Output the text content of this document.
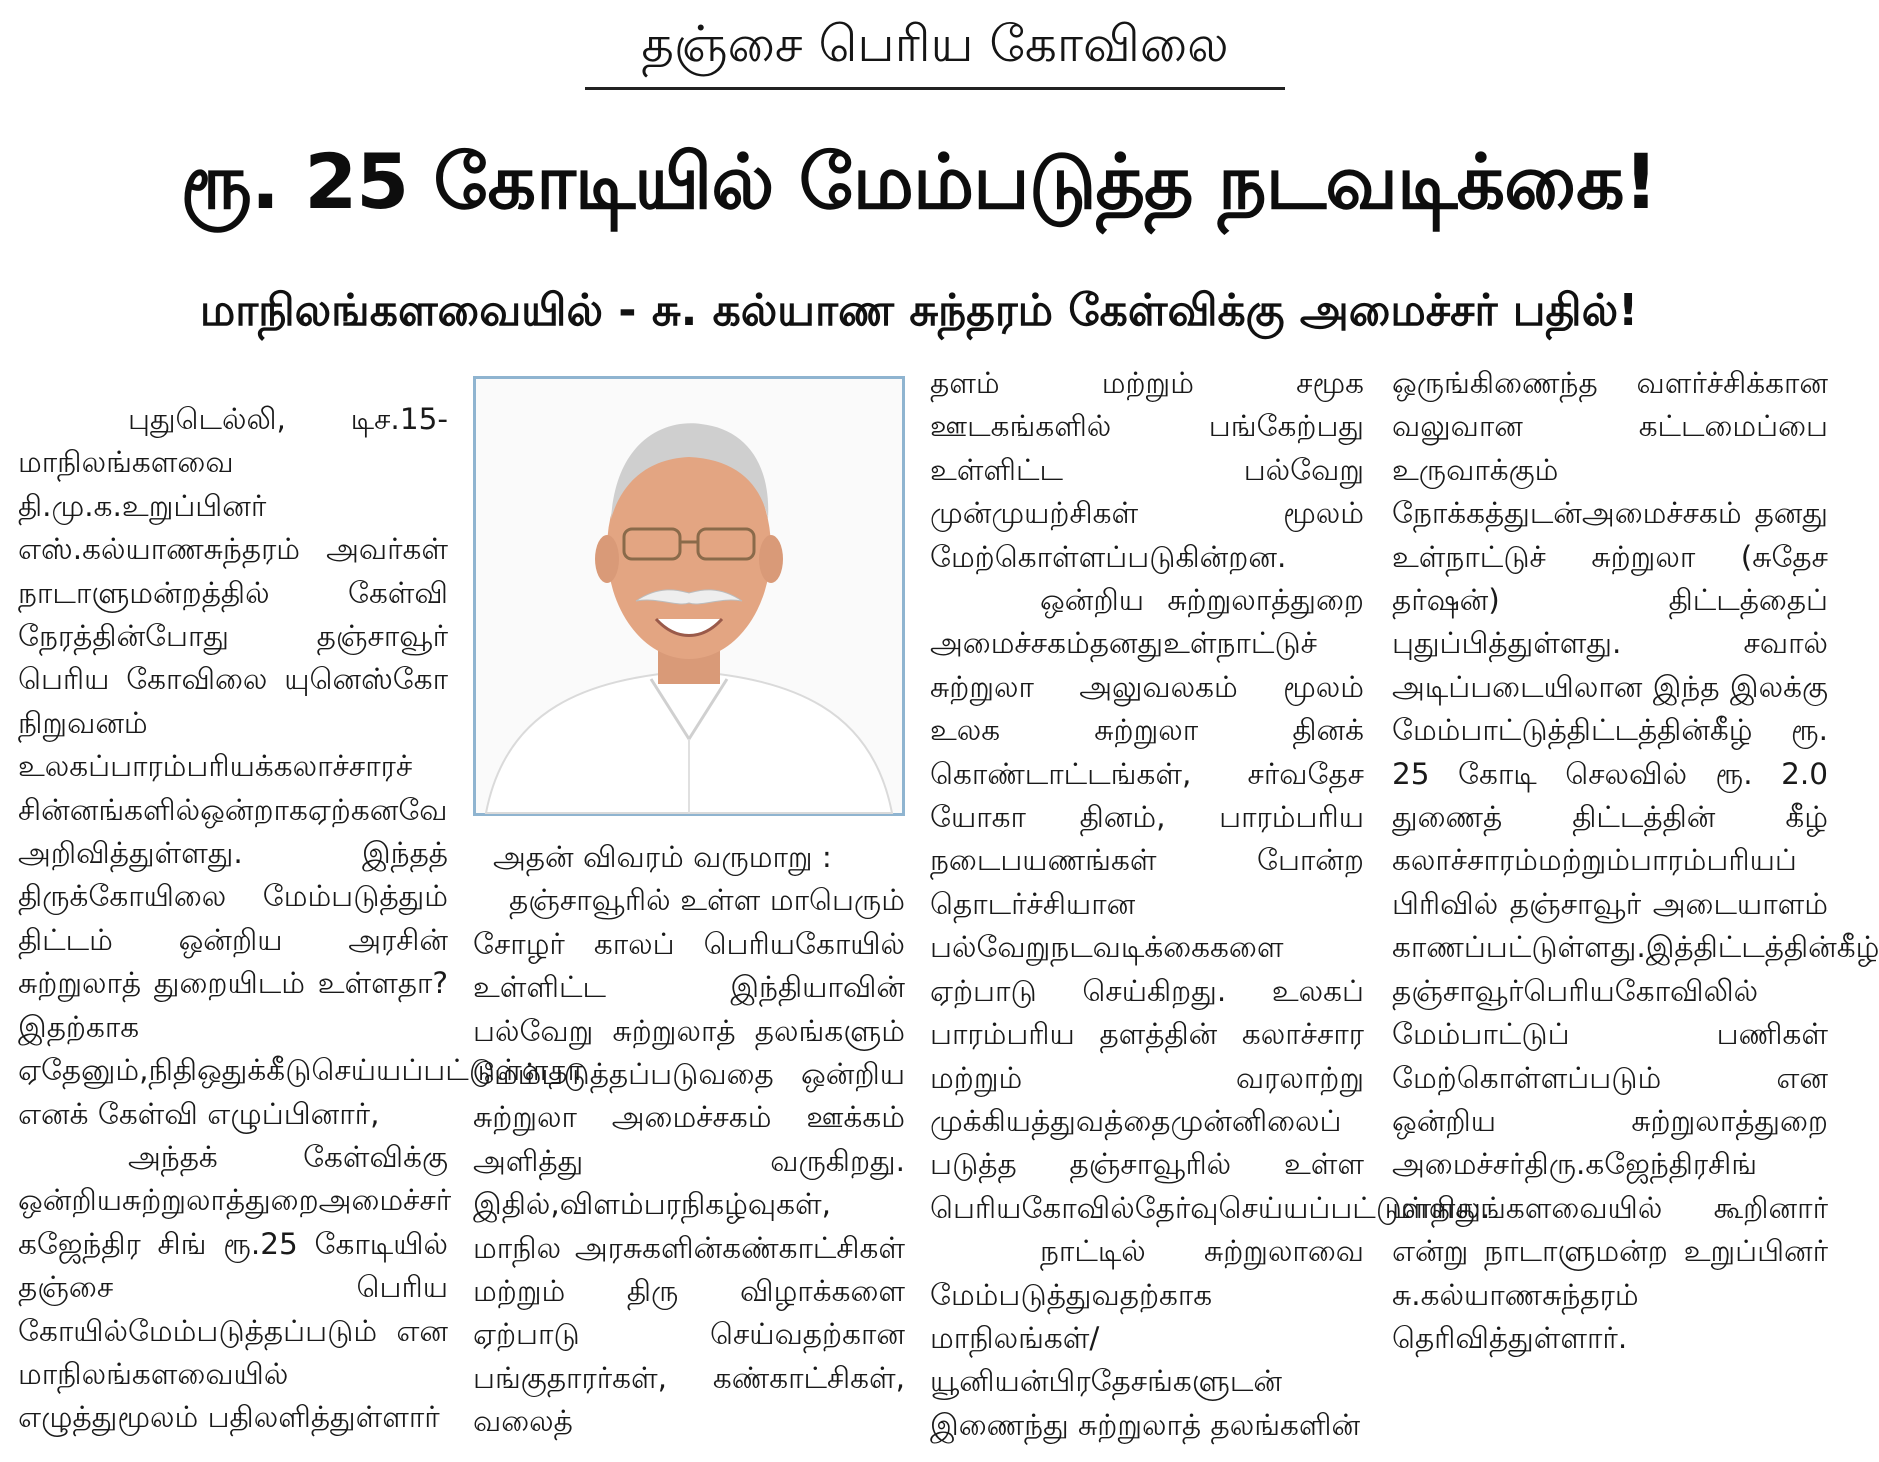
தஞ்சை பெரிய கோவிலை
ரூ. 25 கோடியில் மேம்படுத்த நடவடிக்கை!
மாநிலங்களவையில் - சு. கல்யாண சுந்தரம் கேள்விக்கு அமைச்சர் பதில்!

புதுடெல்லி, டிச.15- மாநிலங்களவை தி.மு.க.உறுப்பினர் எஸ்.கல்யாணசுந்தரம் அவர்கள் நாடாளுமன்றத்தில் கேள்வி நேரத்தின்போது தஞ்சாவூர் பெரிய கோவிலை யுனெஸ்கோ நிறுவனம் உலகப்பாரம்பரியக்கலாச்சாரச் சின்னங்களில்ஒன்றாகஏற்கனவே அறிவித்துள்ளது. இந்தத் திருக்கோயிலை மேம்படுத்தும் திட்டம் ஒன்றிய அரசின் சுற்றுலாத் துறையிடம் உள்ளதா? இதற்காக ஏதேனும்,நிதிஒதுக்கீடுசெய்யப்பட்டுள்ளதா எனக் கேள்வி எழுப்பினார்,

அந்தக் கேள்விக்கு ஒன்றியசுற்றுலாத்துறைஅமைச்சர் கஜேந்திர சிங் ரூ.25 கோடியில் தஞ்சை பெரிய கோயில்மேம்படுத்தப்படும் என மாநிலங்களவையில் எழுத்துமூலம் பதிலளித்துள்ளார்

அதன் விவரம் வருமாறு :

தஞ்சாவூரில் உள்ள மாபெரும் சோழர் காலப் பெரியகோயில் உள்ளிட்ட இந்தியாவின் பல்வேறு சுற்றுலாத் தலங்களும் மேம்படுத்தப்படுவதை ஒன்றிய சுற்றுலா அமைச்சகம் ஊக்கம் அளித்து வருகிறது. இதில்,விளம்பரநிகழ்வுகள், மாநில அரசுகளின்கண்காட்சிகள் மற்றும் திரு விழாக்களை ஏற்பாடு செய்வதற்கான பங்குதாரர்கள், கண்காட்சிகள், வலைத்

தளம் மற்றும் சமூக ஊடகங்களில் பங்கேற்பது உள்ளிட்ட பல்வேறு முன்முயற்சிகள் மூலம் மேற்கொள்ளப்படுகின்றன.

ஒன்றிய சுற்றுலாத்துறை அமைச்சகம்தனதுஉள்நாட்டுச் சுற்றுலா அலுவலகம் மூலம் உலக சுற்றுலா தினக் கொண்டாட்டங்கள், சர்வதேச யோகா தினம், பாரம்பரிய நடைபயணங்கள் போன்ற தொடர்ச்சியான பல்வேறுநடவடிக்கைகளை ஏற்பாடு செய்கிறது. உலகப் பாரம்பரிய தளத்தின் கலாச்சார மற்றும் வரலாற்று முக்கியத்துவத்தைமுன்னிலைப் படுத்த தஞ்சாவூரில் உள்ள பெரியகோவில்தேர்வுசெய்யப்பட்டுள்ளது.

நாட்டில் சுற்றுலாவை மேம்படுத்துவதற்காக மாநிலங்கள்/யூனியன்பிரதேசங்களுடன் இணைந்து சுற்றுலாத் தலங்களின்

ஒருங்கிணைந்த வளர்ச்சிக்கான வலுவான கட்டமைப்பை உருவாக்கும் நோக்கத்துடன்அமைச்சகம் தனது உள்நாட்டுச் சுற்றுலா (சுதேச தர்ஷன்) திட்டத்தைப் புதுப்பித்துள்ளது. சவால் அடிப்படையிலான இந்த இலக்கு மேம்பாட்டுத்திட்டத்தின்கீழ் ரூ. 25 கோடி செலவில் ரூ. 2.0 துணைத் திட்டத்தின் கீழ் கலாச்சாரம்மற்றும்பாரம்பரியப் பிரிவில் தஞ்சாவூர் அடையாளம் காணப்பட்டுள்ளது.இத்திட்டத்தின்கீழ் தஞ்சாவூர்பெரியகோவிலில் மேம்பாட்டுப் பணிகள் மேற்கொள்ளப்படும் என ஒன்றிய சுற்றுலாத்துறை அமைச்சர்திரு.கஜேந்திரசிங் மாநிலங்களவையில் கூறினார் என்று நாடாளுமன்ற உறுப்பினர் சு.கல்யாணசுந்தரம் தெரிவித்துள்ளார்.
